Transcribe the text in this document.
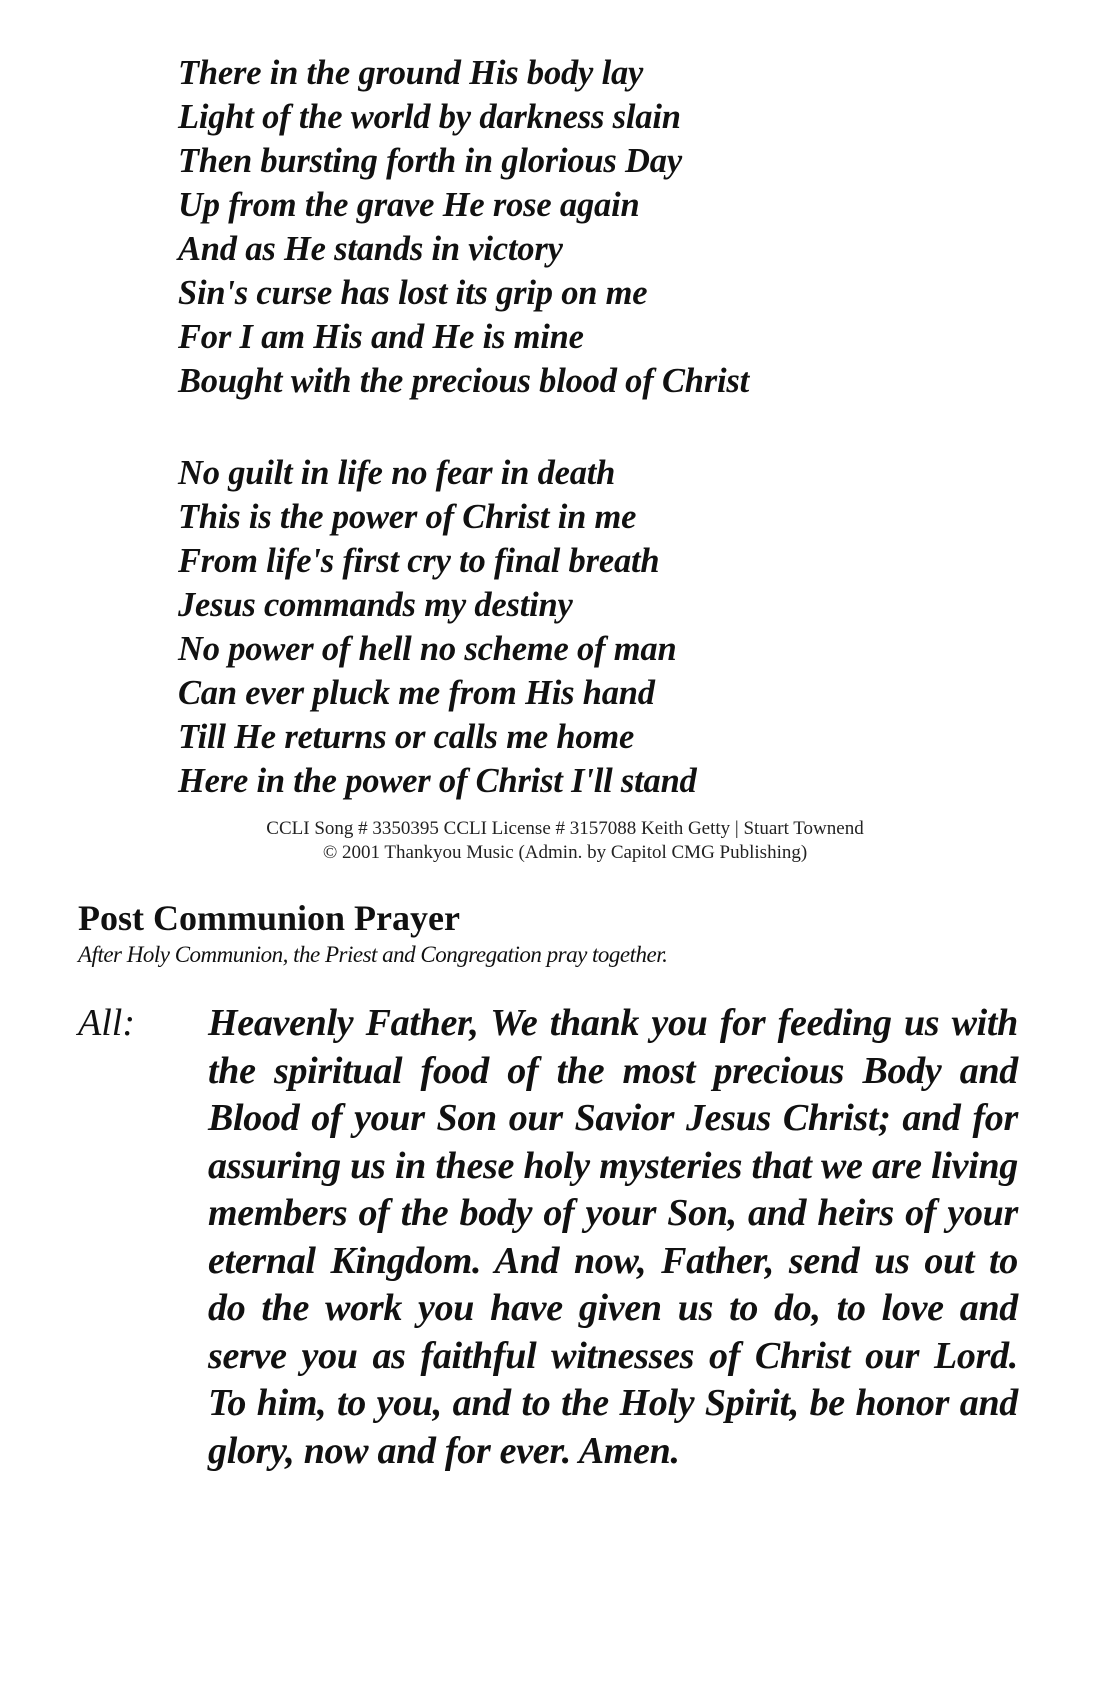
There in the ground His body lay
Light of the world by darkness slain
Then bursting forth in glorious Day
Up from the grave He rose again
And as He stands in victory
Sin's curse has lost its grip on me
For I am His and He is mine
Bought with the precious blood of Christ
No guilt in life no fear in death
This is the power of Christ in me
From life's first cry to final breath
Jesus commands my destiny
No power of hell no scheme of man
Can ever pluck me from His hand
Till He returns or calls me home
Here in the power of Christ I'll stand
CCLI Song # 3350395 CCLI License # 3157088 Keith Getty | Stuart Townend
© 2001 Thankyou Music (Admin. by Capitol CMG Publishing)
Post Communion Prayer
After Holy Communion, the Priest and Congregation pray together.
All: Heavenly Father, We thank you for feeding us with the spiritual food of the most precious Body and Blood of your Son our Savior Jesus Christ; and for assuring us in these holy mysteries that we are living members of the body of your Son, and heirs of your eternal Kingdom. And now, Father, send us out to do the work you have given us to do, to love and serve you as faithful witnesses of Christ our Lord. To him, to you, and to the Holy Spirit, be honor and glory, now and for ever. Amen.
